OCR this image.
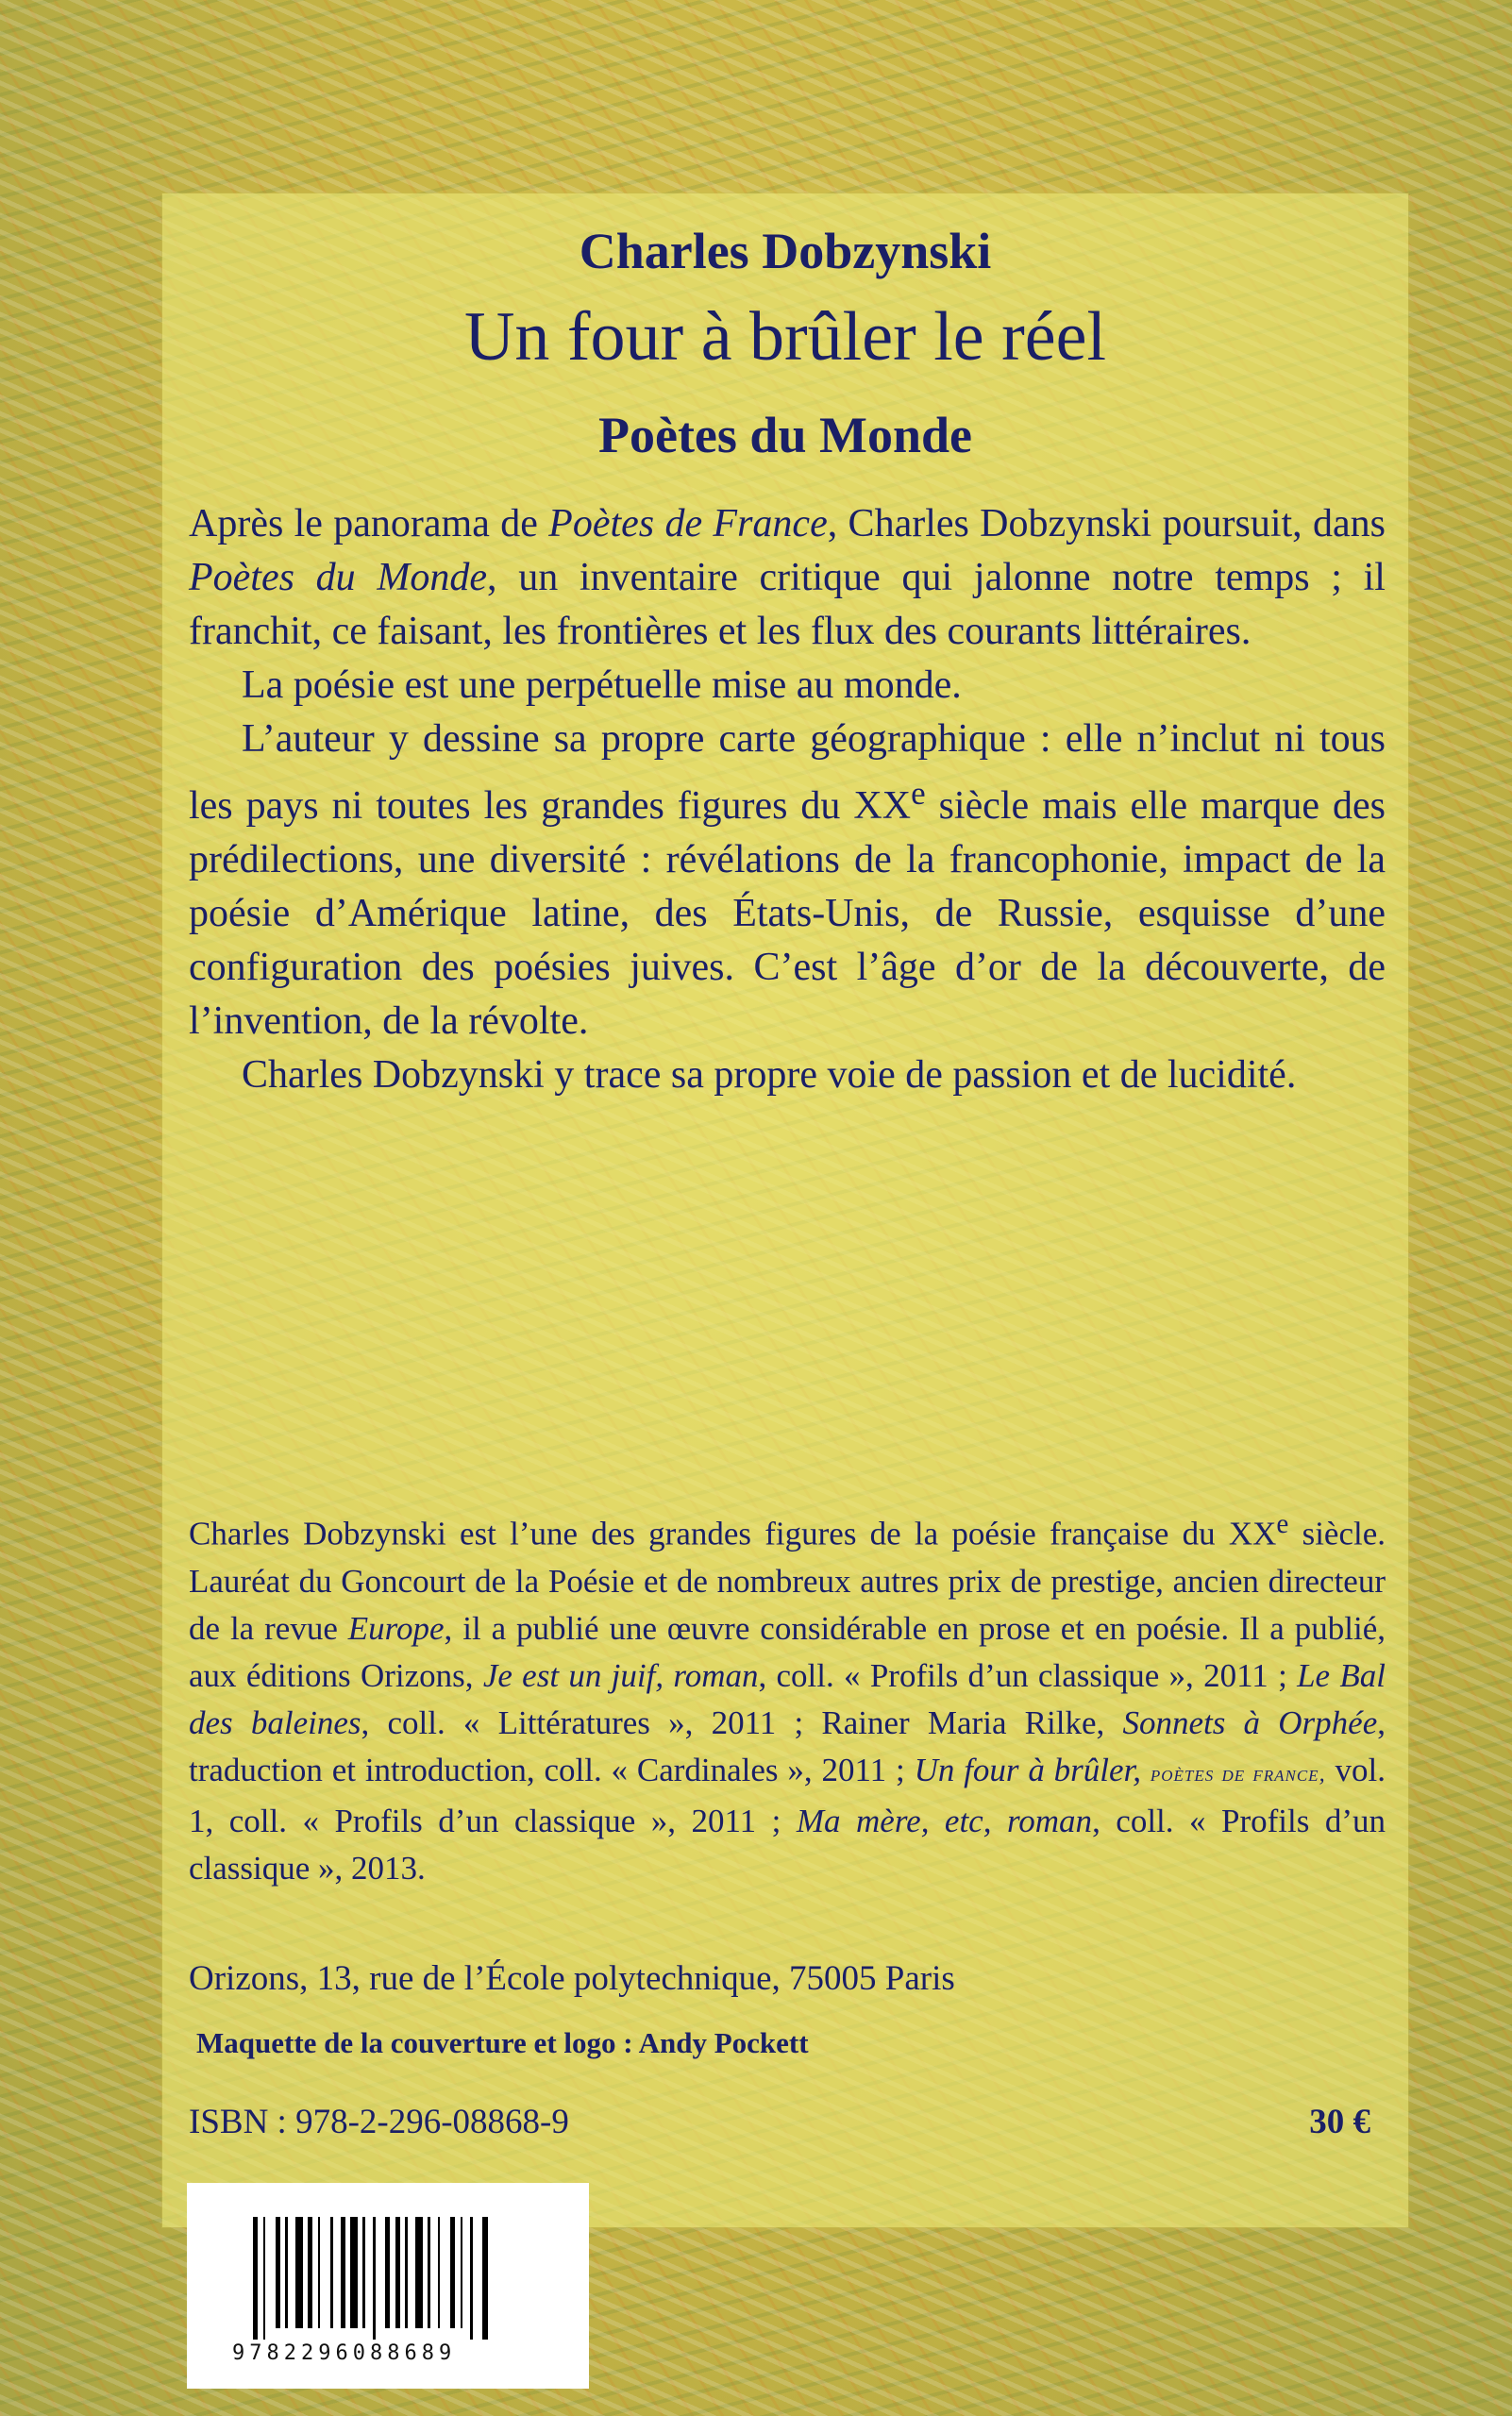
Charles Dobzynski
Un four à brûler le réel
Poètes du Monde

Après le panorama de Poètes de France, Charles Dobzynski poursuit, dans Poètes du Monde, un inventaire critique qui jalonne notre temps ; il franchit, ce faisant, les frontières et les flux des courants littéraires.

La poésie est une perpétuelle mise au monde.

L’auteur y dessine sa propre carte géographique : elle n’inclut ni tous les pays ni toutes les grandes figures du XXe siècle mais elle marque des prédilections, une diversité : révélations de la francophonie, impact de la poésie d’Amérique latine, des États-Unis, de Russie, esquisse d’une configuration des poésies juives. C’est l’âge d’or de la découverte, de l’invention, de la révolte.

Charles Dobzynski y trace sa propre voie de passion et de lucidité.

Charles Dobzynski est l’une des grandes figures de la poésie française du XXe siècle. Lauréat du Goncourt de la Poésie et de nombreux autres prix de prestige, ancien directeur de la revue Europe, il a publié une œuvre considérable en prose et en poésie. Il a publié, aux éditions Orizons, Je est un juif, roman, coll. « Profils d’un classique », 2011 ; Le Bal des baleines, coll. « Littératures », 2011 ; Rainer Maria Rilke, Sonnets à Orphée, traduction et introduction, coll. « Cardinales », 2011 ; Un four à brûler, poètes de france, vol. 1, coll. « Profils d’un classique », 2011 ; Ma mère, etc, roman, coll. « Profils d’un classique », 2013.

Orizons, 13, rue de l’École polytechnique, 75005 Paris
Maquette de la couverture et logo : Andy Pockett
ISBN : 978-2-296-08868-9	30 €
9782296088689
